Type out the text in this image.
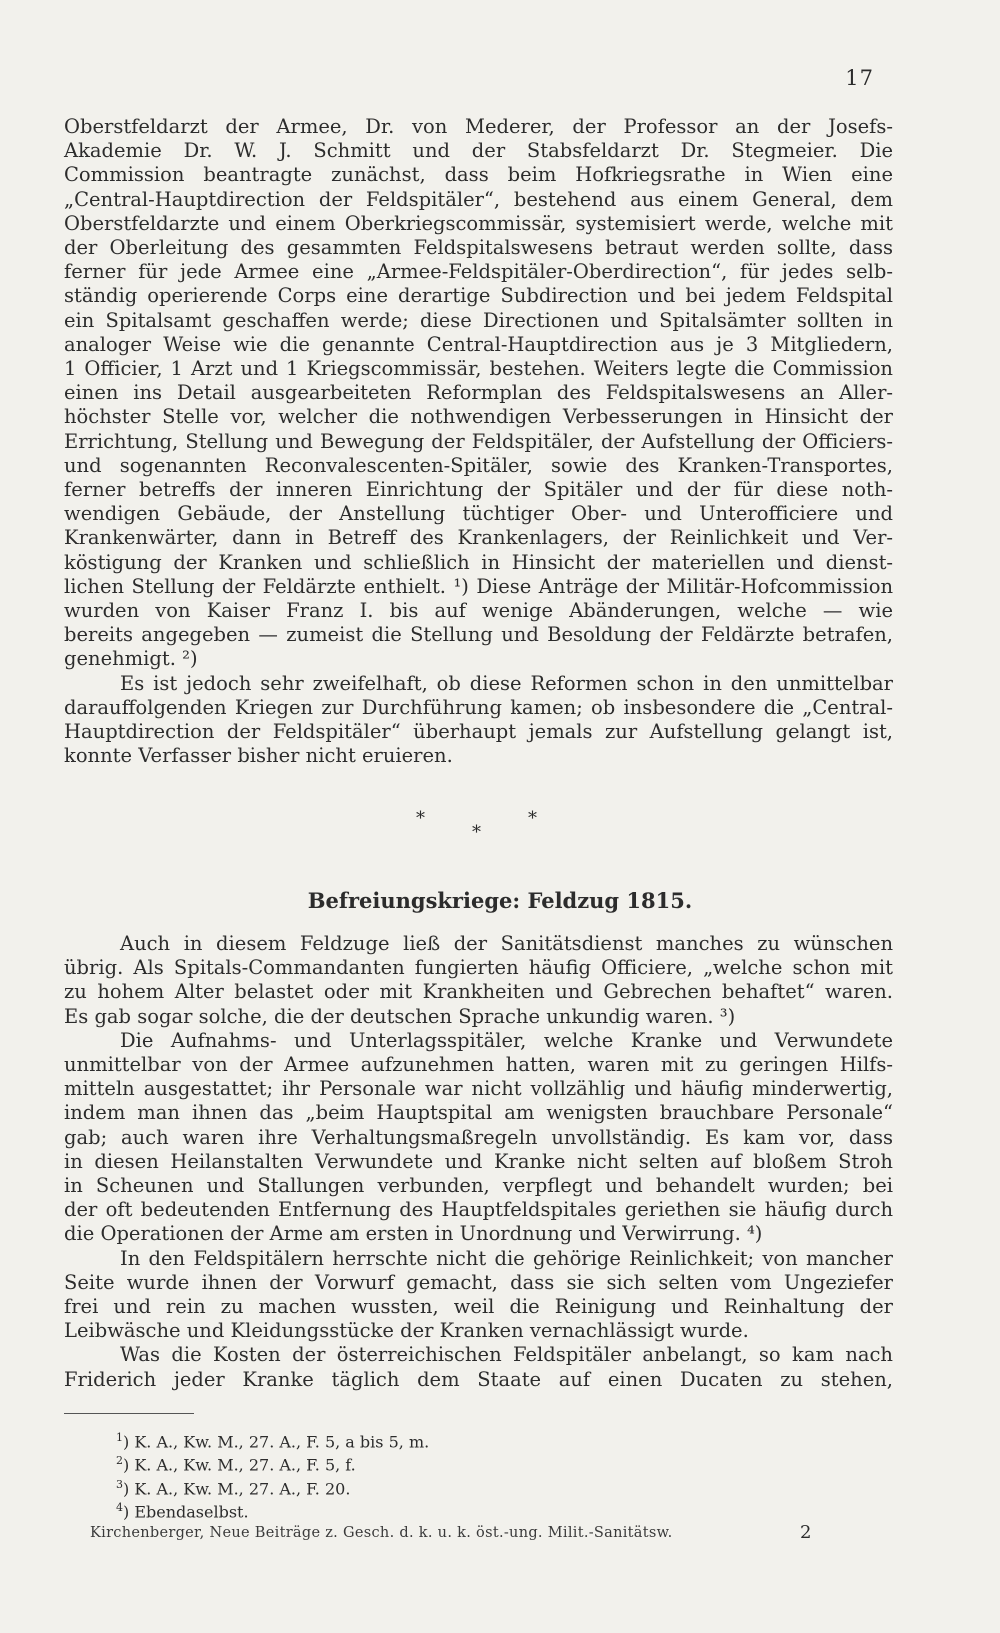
17

Oberstfeldarzt der Armee, Dr. von Mederer, der Professor an der Josefs-

Akademie Dr. W. J. Schmitt und der Stabsfeldarzt Dr. Stegmeier. Die

Commission beantragte zunächst, dass beim Hofkriegsrathe in Wien eine

„Central-Hauptdirection der Feldspitäler“, bestehend aus einem General, dem

Oberstfeldarzte und einem Oberkriegscommissär, systemisiert werde, welche mit

der Oberleitung des gesammten Feldspitalswesens betraut werden sollte, dass

ferner für jede Armee eine „Armee-Feldspitäler-Oberdirection“, für jedes selb-

ständig operierende Corps eine derartige Subdirection und bei jedem Feldspital

ein Spitalsamt geschaffen werde; diese Directionen und Spitalsämter sollten in

analoger Weise wie die genannte Central-Hauptdirection aus je 3 Mitgliedern,

1 Officier, 1 Arzt und 1 Kriegscommissär, bestehen. Weiters legte die Commission

einen ins Detail ausgearbeiteten Reformplan des Feldspitalswesens an Aller-

höchster Stelle vor, welcher die nothwendigen Verbesserungen in Hinsicht der

Errichtung, Stellung und Bewegung der Feldspitäler, der Aufstellung der Officiers-

und sogenannten Reconvalescenten-Spitäler, sowie des Kranken-Transportes,

ferner betreffs der inneren Einrichtung der Spitäler und der für diese noth-

wendigen Gebäude, der Anstellung tüchtiger Ober- und Unterofficiere und

Krankenwärter, dann in Betreff des Krankenlagers, der Reinlichkeit und Ver-

köstigung der Kranken und schließlich in Hinsicht der materiellen und dienst-

lichen Stellung der Feldärzte enthielt. ¹) Diese Anträge der Militär-Hofcommission

wurden von Kaiser Franz I. bis auf wenige Abänderungen, welche — wie

bereits angegeben — zumeist die Stellung und Besoldung der Feldärzte betrafen,

genehmigt. ²)

Es ist jedoch sehr zweifelhaft, ob diese Reformen schon in den unmittelbar

darauffolgenden Kriegen zur Durchführung kamen; ob insbesondere die „Central-

Hauptdirection der Feldspitäler“ überhaupt jemals zur Aufstellung gelangt ist,

konnte Verfasser bisher nicht eruieren.

*	*
*
Befreiungskriege: Feldzug 1815.

Auch in diesem Feldzuge ließ der Sanitätsdienst manches zu wünschen

übrig. Als Spitals-Commandanten fungierten häufig Officiere, „welche schon mit

zu hohem Alter belastet oder mit Krankheiten und Gebrechen behaftet“ waren.

Es gab sogar solche, die der deutschen Sprache unkundig waren. ³)

Die Aufnahms- und Unterlagsspitäler, welche Kranke und Verwundete

unmittelbar von der Armee aufzunehmen hatten, waren mit zu geringen Hilfs-

mitteln ausgestattet; ihr Personale war nicht vollzählig und häufig minderwertig,

indem man ihnen das „beim Hauptspital am wenigsten brauchbare Personale“

gab; auch waren ihre Verhaltungsmaßregeln unvollständig. Es kam vor, dass

in diesen Heilanstalten Verwundete und Kranke nicht selten auf bloßem Stroh

in Scheunen und Stallungen verbunden, verpflegt und behandelt wurden; bei

der oft bedeutenden Entfernung des Hauptfeldspitales geriethen sie häufig durch

die Operationen der Arme am ersten in Unordnung und Verwirrung. ⁴)

In den Feldspitälern herrschte nicht die gehörige Reinlichkeit; von mancher

Seite wurde ihnen der Vorwurf gemacht, dass sie sich selten vom Ungeziefer

frei und rein zu machen wussten, weil die Reinigung und Reinhaltung der

Leibwäsche und Kleidungsstücke der Kranken vernachlässigt wurde.

Was die Kosten der österreichischen Feldspitäler anbelangt, so kam nach

Friderich jeder Kranke täglich dem Staate auf einen Ducaten zu stehen,

$^1$) K. A., Kw. M., 27. A., F. 5, a bis 5, m.
$^2$) K. A., Kw. M., 27. A., F. 5, f.
$^3$) K. A., Kw. M., 27. A., F. 20.
$^4$) Ebendaselbst.
Kirchenberger, Neue Beiträge z. Gesch. d. k. u. k. öst.-ung. Milit.-Sanitätsw.	2
